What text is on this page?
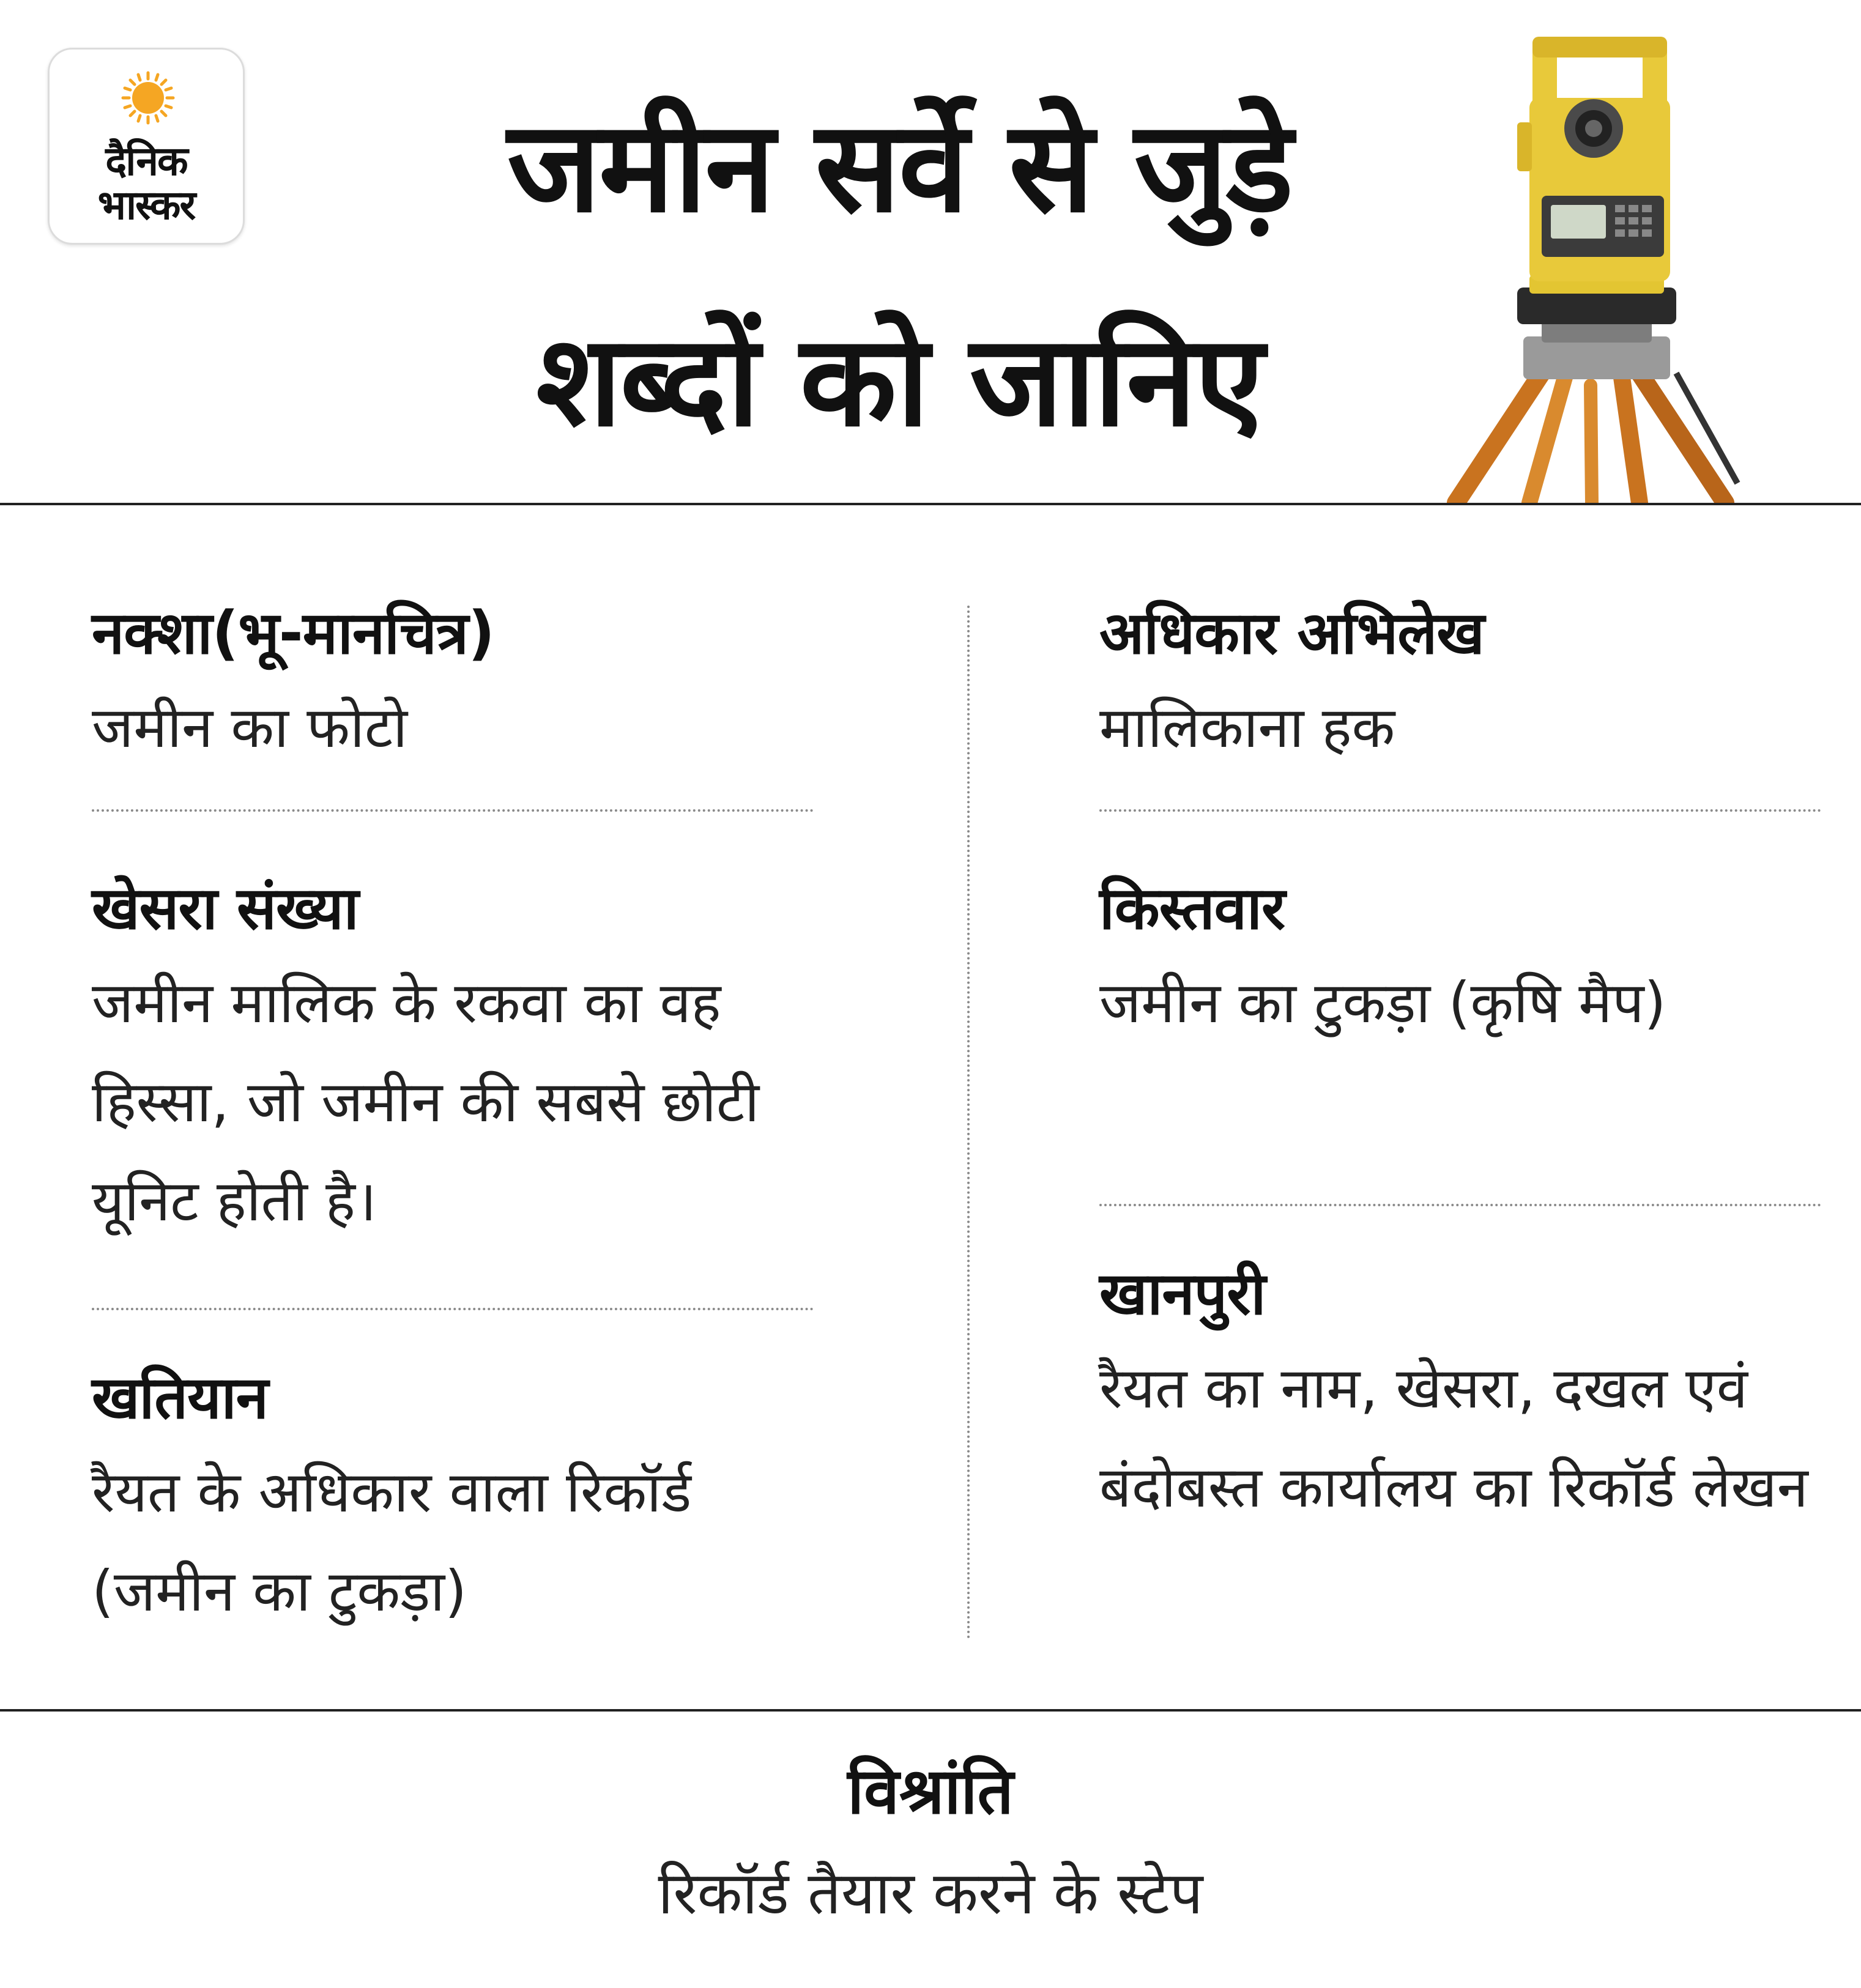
दैनिक
भास्कर	जमीन सर्वे से जुड़े
शब्दों को जानिए
नक्शा(भू-मानचित्र)
जमीन का फोटो
खेसरा संख्या
जमीन मालिक के रकवा का वह हिस्सा, जो जमीन की सबसे छोटी यूनिट होती है।
खतियान
रैयत के अधिकार वाला रिकॉर्ड (जमीन का टुकड़ा)
अधिकार अभिलेख
मालिकाना हक
किस्तवार
जमीन का टुकड़ा (कृषि मैप)
खानपुरी
रैयत का नाम, खेसरा, दखल एवं बंदोबस्त कार्यालय का रिकॉर्ड लेखन
विश्रांति
रिकॉर्ड तैयार करने के स्टेप
